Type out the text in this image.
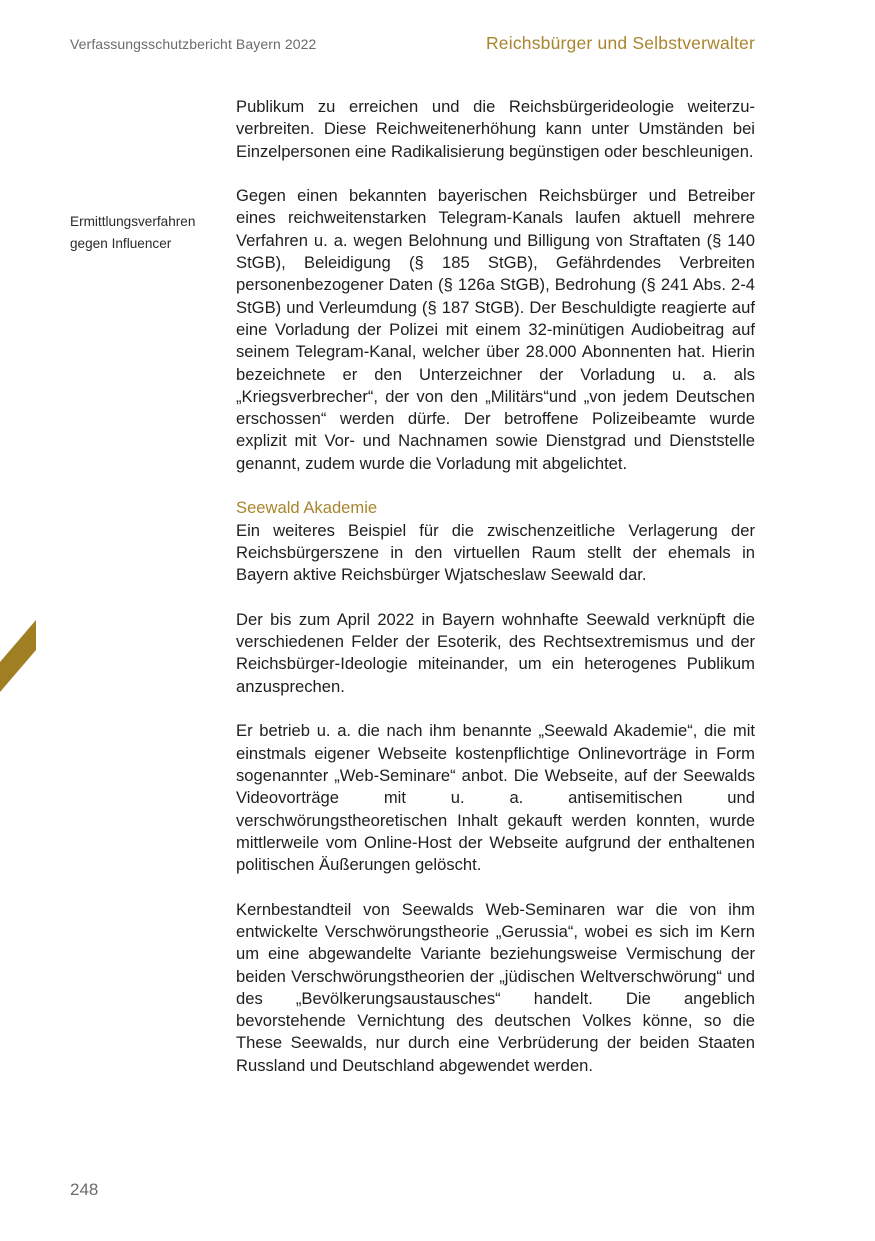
Verfassungsschutzbericht Bayern 2022	Reichsbürger und Selbstverwalter
Ermittlungsverfahren
gegen Influencer

Publikum zu erreichen und die Reichsbürgerideologie weiterzuverbreiten. Diese Reichweitenerhöhung kann unter Umständen bei Einzelpersonen eine Radikalisierung begünstigen oder beschleunigen.

Gegen einen bekannten bayerischen Reichsbürger und Betreiber eines reichweitenstarken Telegram-Kanals laufen aktuell mehrere Verfahren u. a. wegen Belohnung und Billigung von Straftaten (§ 140 StGB), Beleidigung (§ 185 StGB), Gefährdendes Verbreiten personenbezogener Daten (§ 126a StGB), Bedrohung (§ 241 Abs. 2-4 StGB) und Verleumdung (§ 187 StGB). Der Beschuldigte reagierte auf eine Vorladung der Polizei mit einem 32-minütigen Audiobeitrag auf seinem Telegram-Kanal, welcher über 28.000 Abonnenten hat. Hierin bezeichnete er den Unterzeichner der Vorladung u. a. als „Kriegsverbrecher“, der von den „Militärs“und „von jedem Deutschen erschossen“ werden dürfe. Der betroffene Polizeibeamte wurde explizit mit Vor- und Nachnamen sowie Dienstgrad und Dienststelle genannt, zudem wurde die Vorladung mit abgelichtet.

Seewald Akademie

Ein weiteres Beispiel für die zwischenzeitliche Verlagerung der Reichsbürgerszene in den virtuellen Raum stellt der ehemals in Bayern aktive Reichsbürger Wjatscheslaw Seewald dar.

Der bis zum April 2022 in Bayern wohnhafte Seewald verknüpft die verschiedenen Felder der Esoterik, des Rechtsextremismus und der Reichsbürger-Ideologie miteinander, um ein heterogenes Publikum anzusprechen.

Er betrieb u. a. die nach ihm benannte „Seewald Akademie“, die mit einstmals eigener Webseite kostenpflichtige Onlinevorträge in Form sogenannter „Web-Seminare“ anbot. Die Webseite, auf der Seewalds Videovorträge mit u. a. antisemitischen und verschwörungstheoretischen Inhalt gekauft werden konnten, wurde mittlerweile vom Online-Host der Webseite aufgrund der enthaltenen politischen Äußerungen gelöscht.

Kernbestandteil von Seewalds Web-Seminaren war die von ihm entwickelte Verschwörungstheorie „Gerussia“, wobei es sich im Kern um eine abgewandelte Variante beziehungsweise Vermischung der beiden Verschwörungstheorien der „jüdischen Weltverschwörung“ und des „Bevölkerungsaustausches“ handelt. Die angeblich bevorstehende Vernichtung des deutschen Volkes könne, so die These Seewalds, nur durch eine Verbrüderung der beiden Staaten Russland und Deutschland abgewendet werden.

248
